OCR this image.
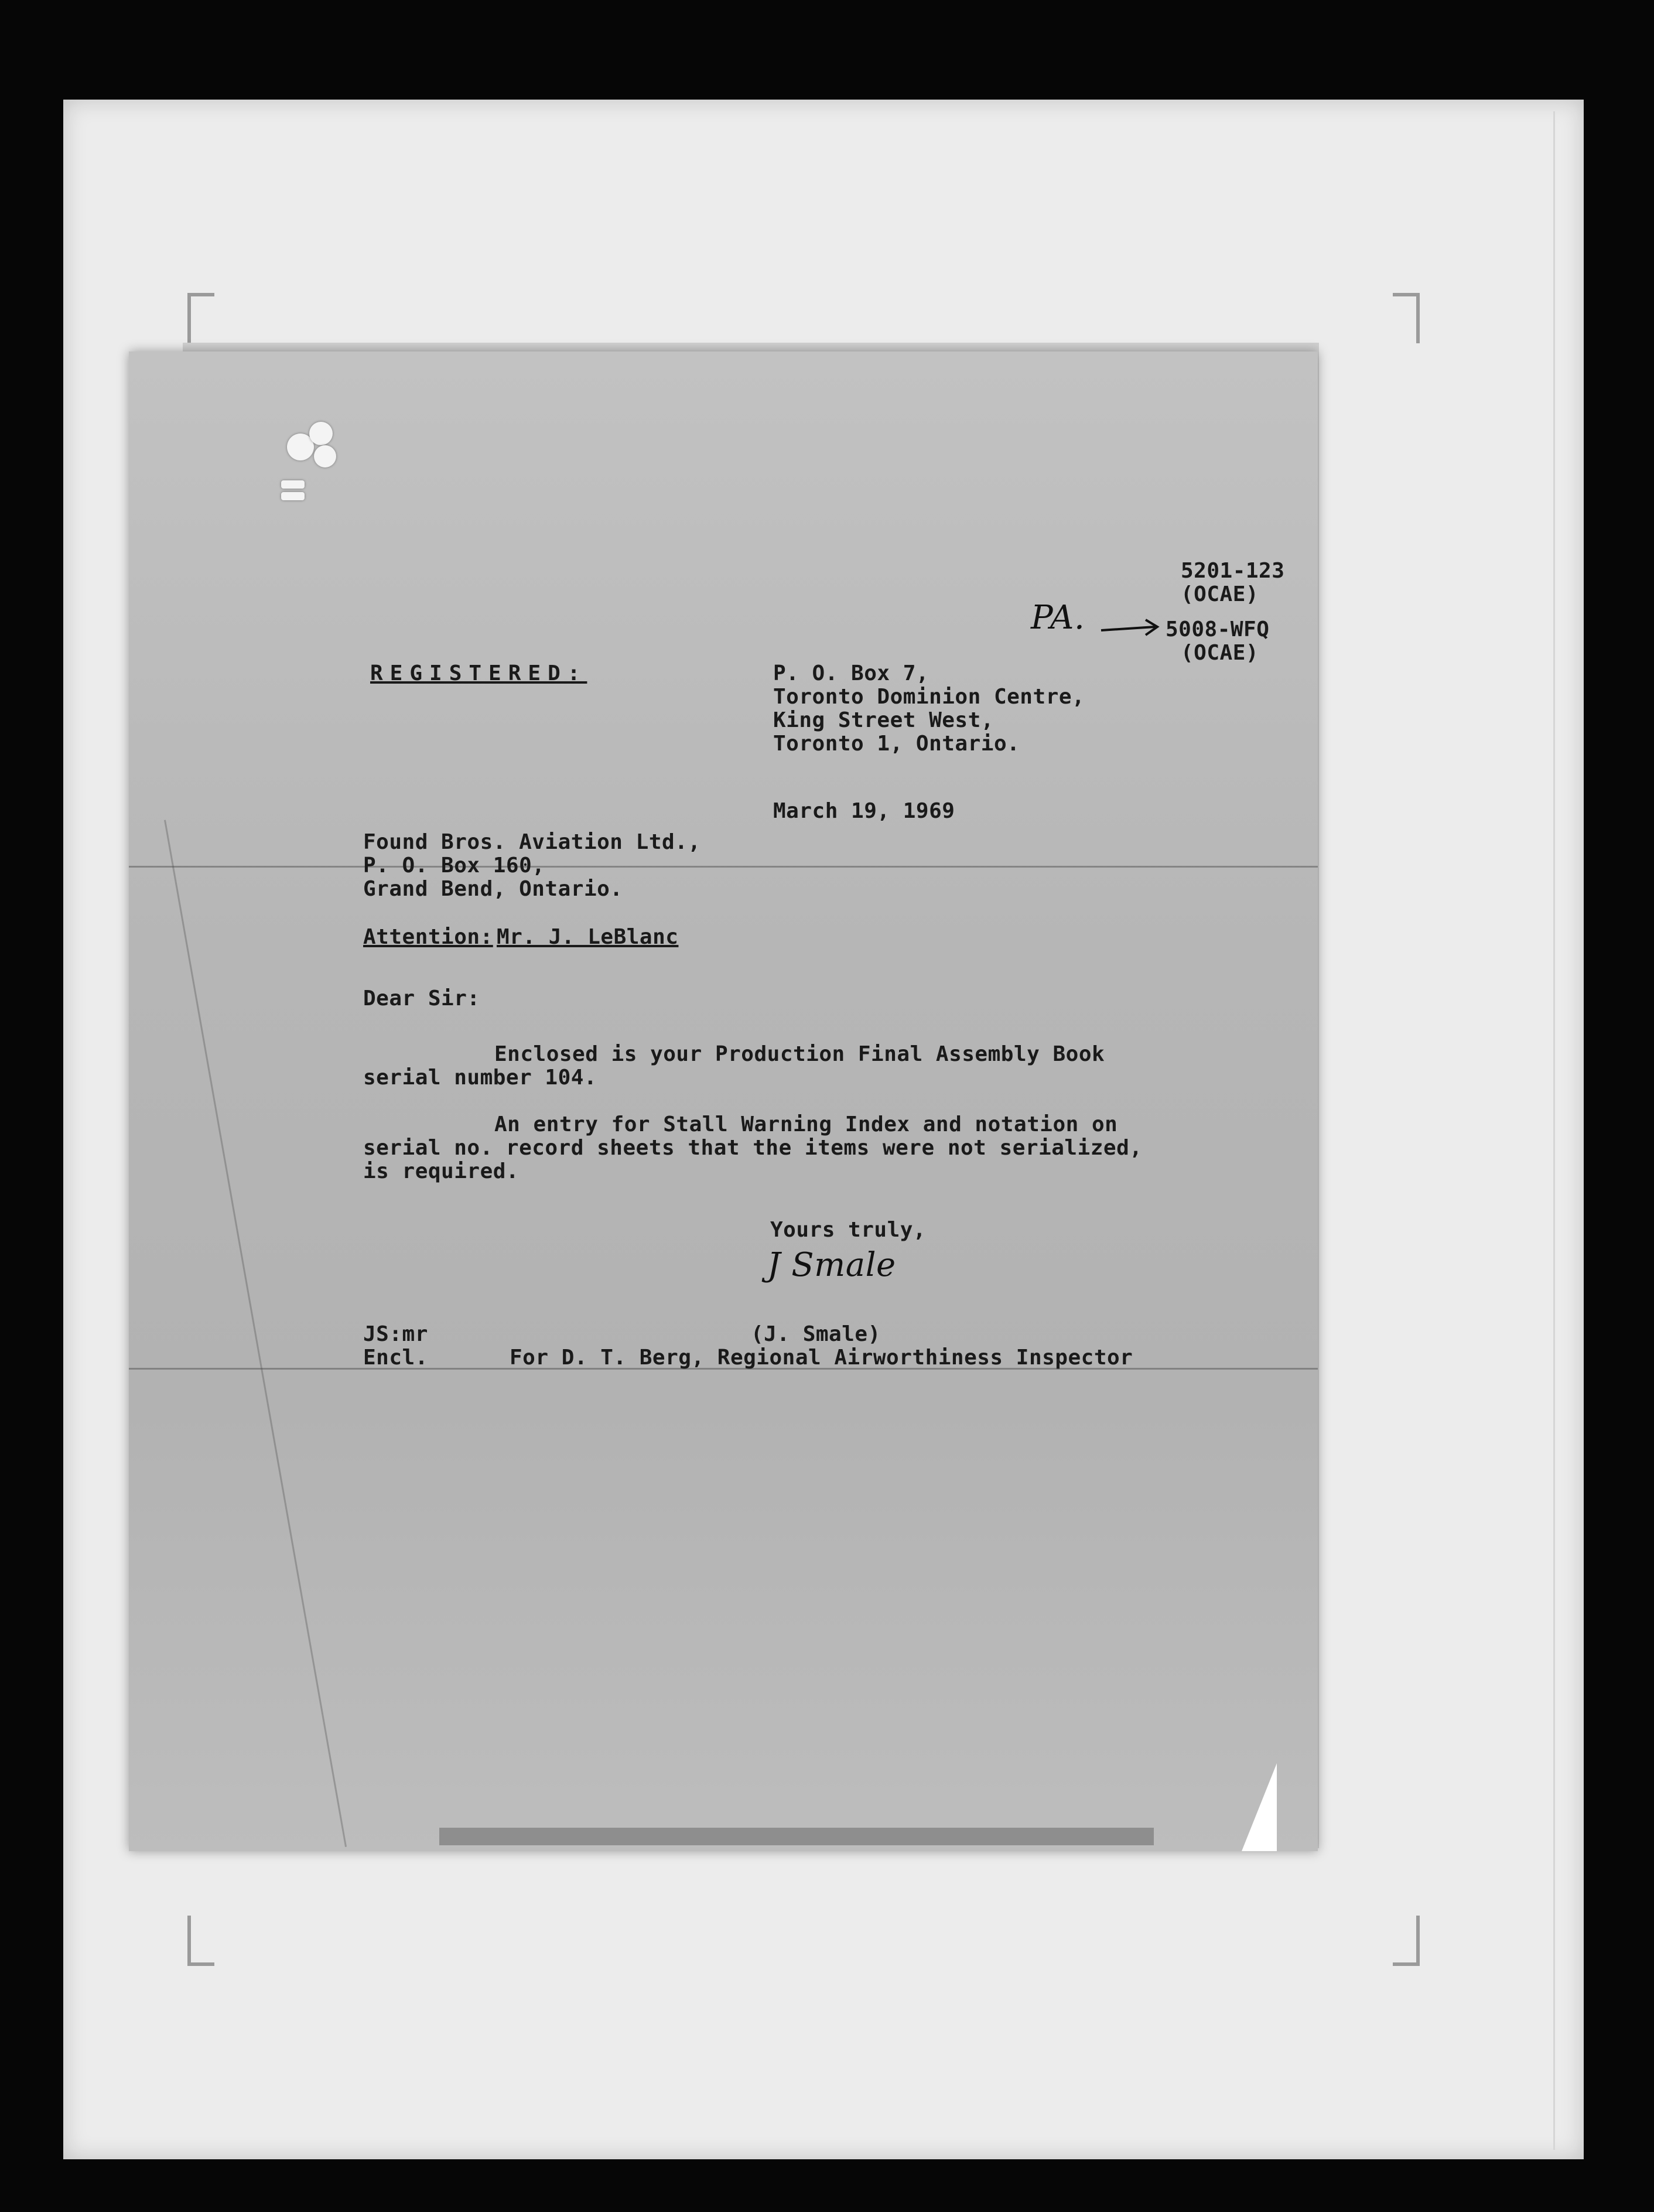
5201-123
(OCAE)
PA.	5008-WFQ
(OCAE)
REGISTERED:	P. O. Box 7,
Toronto Dominion Centre,
King Street West,
Toronto 1, Ontario.
March 19, 1969
Found Bros. Aviation Ltd.,
P. O. Box 160,
Grand Bend, Ontario.
Attention: Mr. J. LeBlanc
Dear Sir:
Enclosed is your Production Final Assembly Book
serial number 104.
An entry for Stall Warning Index and notation on
serial no. record sheets that the items were not serialized,
is required.
Yours truly,
J Smale
(J. Smale)
JS:mr
Encl.	For D. T. Berg, Regional Airworthiness Inspector
